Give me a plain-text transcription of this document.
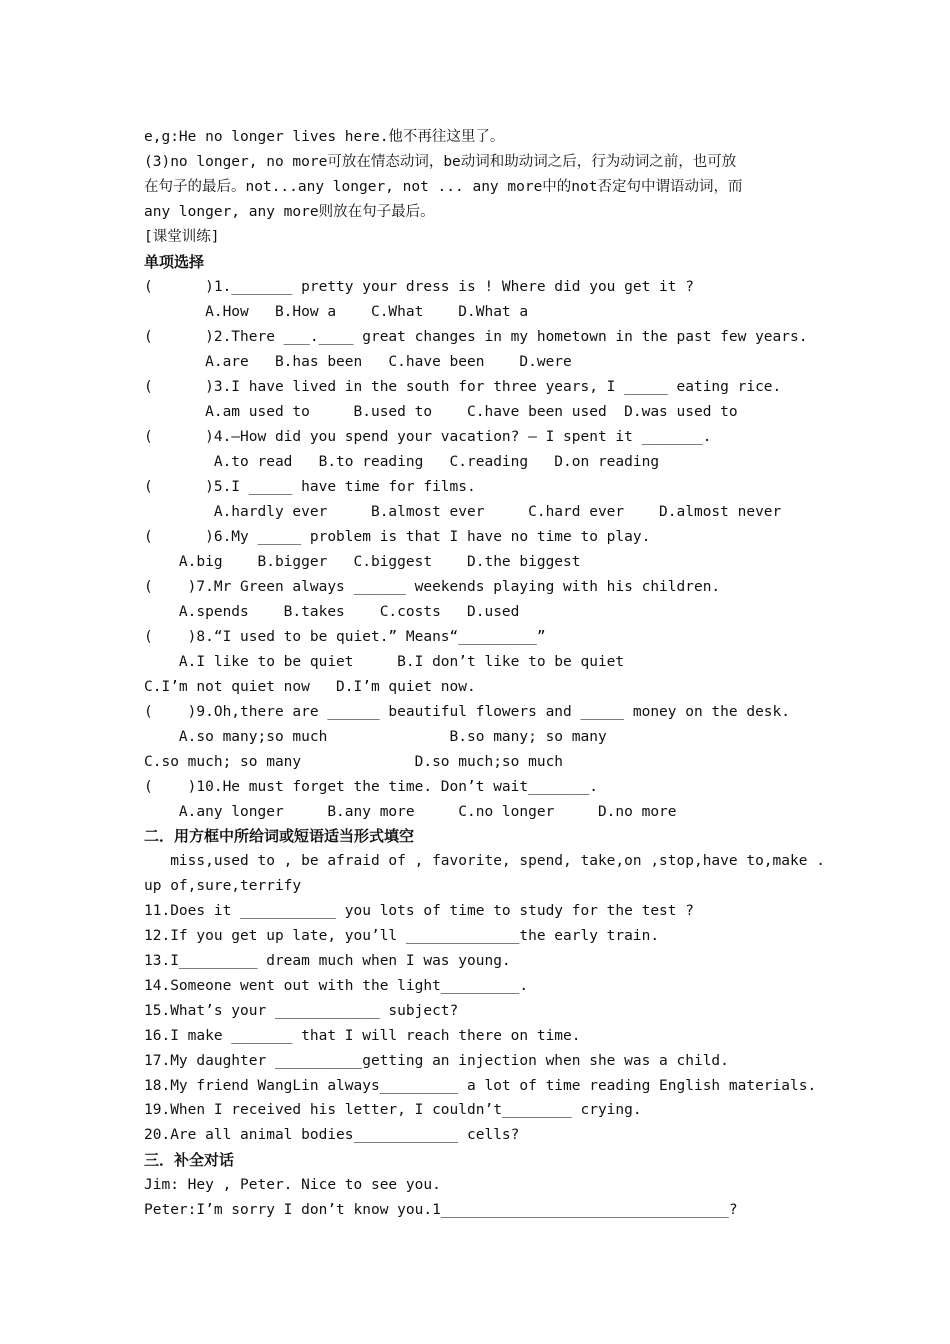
e,g:He no longer lives here.他不再往这里了。
(3)no longer, no more可放在情态动词，be动词和助动词之后，行为动词之前，也可放
在句子的最后。not...any longer, not ... any more中的not否定句中谓语动词，而
any longer, any more则放在句子最后。
[课堂训练]
单项选择
(      )1._______ pretty your dress is ! Where did you get it ?
A.How   B.How a    C.What    D.What a
(      )2.There ___.____ great changes in my hometown in the past few years.
A.are   B.has been   C.have been    D.were
(      )3.I have lived in the south for three years, I _____ eating rice.
A.am used to     B.used to    C.have been used  D.was used to
(      )4.—How did you spend your vacation? – I spent it _______.
A.to read   B.to reading   C.reading   D.on reading
(      )5.I _____ have time for films.
A.hardly ever     B.almost ever     C.hard ever    D.almost never
(      )6.My _____ problem is that I have no time to play.
A.big    B.bigger   C.biggest    D.the biggest
(    )7.Mr Green always ______ weekends playing with his children.
A.spends    B.takes    C.costs   D.used
(    )8.“I used to be quiet.” Means“_________”
A.I like to be quiet     B.I don’t like to be quiet
C.I’m not quiet now   D.I’m quiet now.
(    )9.Oh,there are ______ beautiful flowers and _____ money on the desk.
A.so many;so much              B.so many; so many
C.so much; so many             D.so much;so much
(    )10.He must forget the time. Don’t wait_______.
A.any longer     B.any more     C.no longer     D.no more
二．用方框中所给词或短语适当形式填空
miss,used to , be afraid of , favorite, spend, take,on ,stop,have to,make .
up of,sure,terrify
11.Does it ___________ you lots of time to study for the test ?
12.If you get up late, you’ll _____________the early train.
13.I_________ dream much when I was young.
14.Someone went out with the light_________.
15.What’s your ____________ subject?
16.I make _______ that I will reach there on time.
17.My daughter __________getting an injection when she was a child.
18.My friend WangLin always_________ a lot of time reading English materials.
19.When I received his letter, I couldn’t________ crying.
20.Are all animal bodies____________ cells?
三．补全对话
Jim: Hey , Peter. Nice to see you.
Peter:I’m sorry I don’t know you.1_________________________________?
